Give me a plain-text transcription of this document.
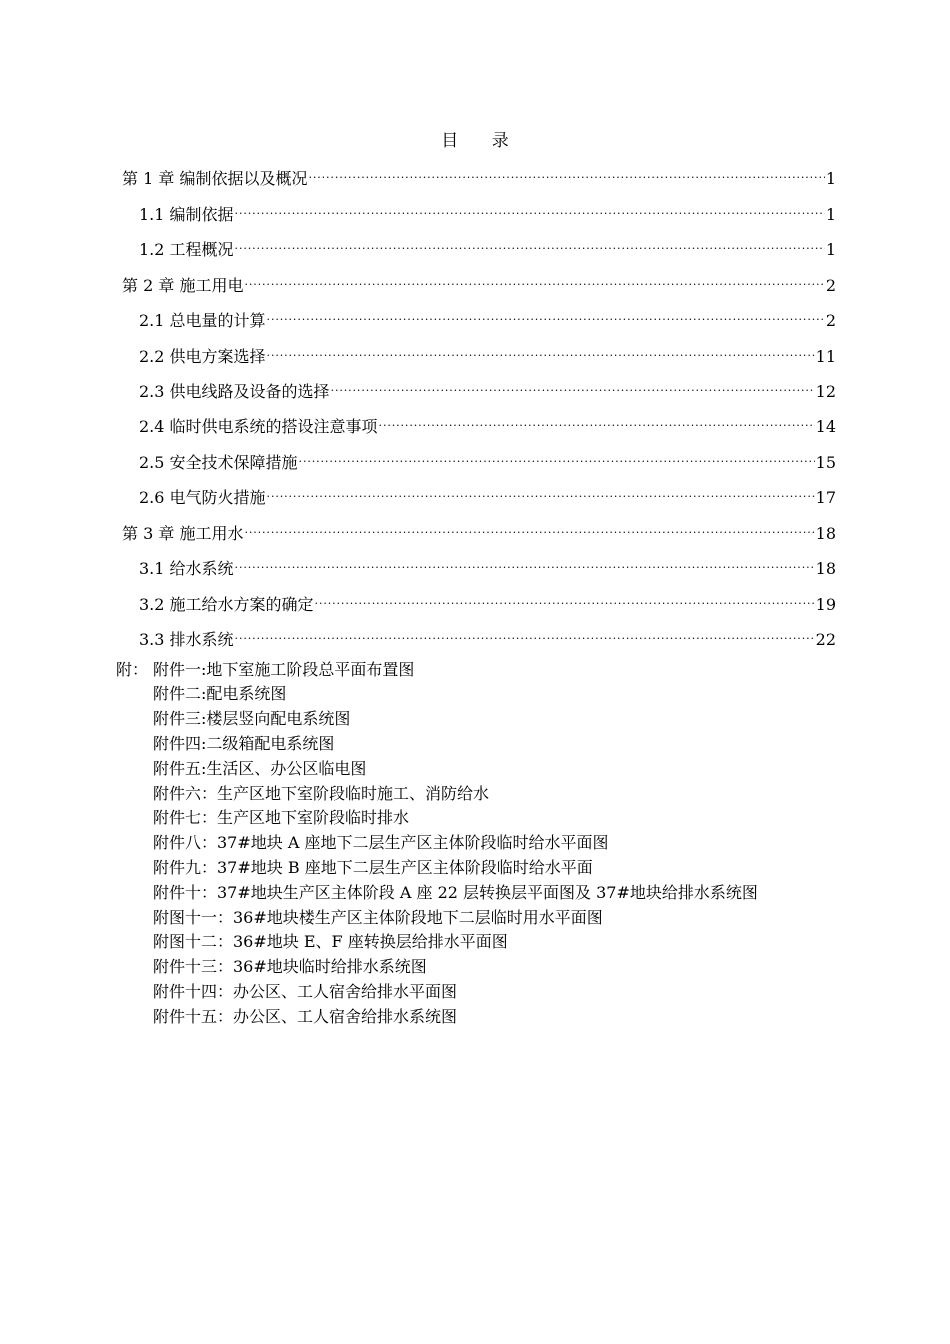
目 录
第 1 章 编制依据以及概况 .....	1
1.1 编制依据 .....	1
1.2 工程概况 .....	1
第 2 章 施工用电 .....	2
2.1 总电量的计算 .....	2
2.2 供电方案选择 .....	11
2.3 供电线路及设备的选择 .....	12
2.4 临时供电系统的搭设注意事项 .....	14
2.5 安全技术保障措施 .....	15
2.6 电气防火措施 .....	17
第 3 章 施工用水 .....	18
3.1 给水系统 .....	18
3.2 施工给水方案的确定 .....	19
3.3 排水系统 .....	22
附： 附件一:地下室施工阶段总平面布置图
附件二:配电系统图
附件三:楼层竖向配电系统图
附件四:二级箱配电系统图
附件五:生活区、办公区临电图
附件六：生产区地下室阶段临时施工、消防给水
附件七：生产区地下室阶段临时排水
附件八：37#地块 A 座地下二层生产区主体阶段临时给水平面图
附件九：37#地块 B 座地下二层生产区主体阶段临时给水平面
附件十：37#地块生产区主体阶段 A 座 22 层转换层平面图及 37#地块给排水系统图
附图十一：36#地块楼生产区主体阶段地下二层临时用水平面图
附图十二：36#地块 E、F 座转换层给排水平面图
附件十三：36#地块临时给排水系统图
附件十四：办公区、工人宿舍给排水平面图
附件十五：办公区、工人宿舍给排水系统图
